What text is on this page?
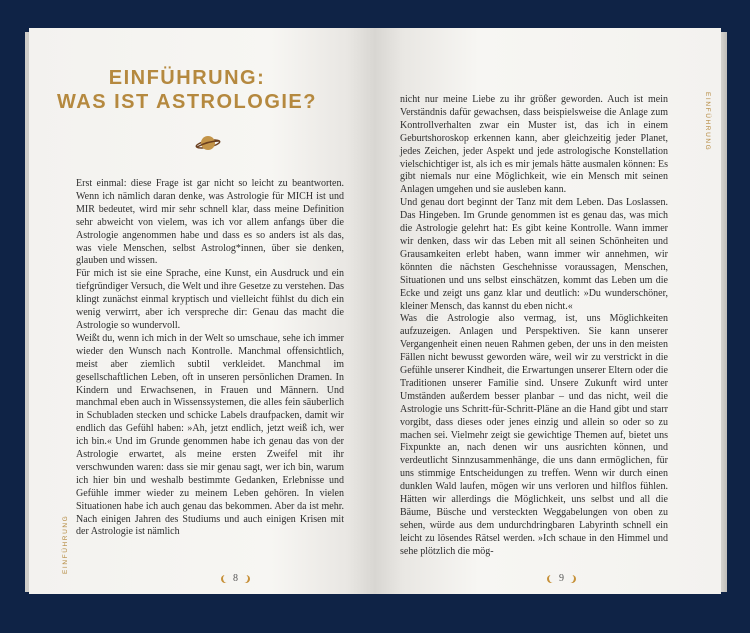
EINFÜHRUNG:
WAS IST ASTROLOGIE?

Erst einmal: diese Frage ist gar nicht so leicht zu beantworten. Wenn ich nämlich daran denke, was Astrologie für MICH ist und MIR bedeutet, wird mir sehr schnell klar, dass meine Definition sehr abweicht von vielem, was ich vor allem anfangs über die Astrologie angenommen habe und dass es so anders ist als das, was viele Menschen, selbst Astrolog*innen, über sie denken, glauben und wissen.

Für mich ist sie eine Sprache, eine Kunst, ein Ausdruck und ein tiefgründiger Versuch, die Welt und ihre Gesetze zu verstehen. Das klingt zunächst einmal kryptisch und vielleicht fühlst du dich ein wenig verwirrt, aber ich verspreche dir: Genau das macht die Astrologie so wundervoll.

Weißt du, wenn ich mich in der Welt so umschaue, sehe ich immer wieder den Wunsch nach Kontrolle. Manchmal offensichtlich, meist aber ziemlich subtil verkleidet. Manchmal im gesellschaftlichen Leben, oft in unseren persönlichen Dramen. In Kindern und Erwachsenen, in Frauen und Männern. Und manchmal eben auch in Wissenssystemen, die alles fein säuberlich in Schubladen stecken und schicke Labels draufpacken, damit wir endlich das Gefühl haben: »Ah, jetzt endlich, jetzt weiß ich, wer ich bin.« Und im Grunde genommen habe ich genau das von der Astrologie erwartet, als meine ersten Zweifel mit ihr verschwunden waren: dass sie mir genau sagt, wer ich bin, warum ich hier bin und weshalb bestimmte Gedanken, Erlebnisse und Gefühle immer wieder zu meinem Leben gehören. In vielen Situationen habe ich auch genau das bekommen. Aber da ist mehr. Nach einigen Jahren des Studiums und auch einigen Krisen mit der Astrologie ist nämlich

EINFÜHRUNG
8

nicht nur meine Liebe zu ihr größer geworden. Auch ist mein Verständnis dafür gewachsen, dass beispielsweise die Anlage zum Kontrollverhalten zwar ein Muster ist, das ich in einem Geburtshoroskop erkennen kann, aber gleichzeitig jeder Planet, jedes Zeichen, jeder Aspekt und jede astrologische Konstellation vielschichtiger ist, als ich es mir jemals hätte ausmalen können: Es gibt niemals nur eine Möglichkeit, wie ein Mensch mit seinen Anlagen umgehen und sie ausleben kann.

Und genau dort beginnt der Tanz mit dem Leben. Das Loslassen. Das Hingeben. Im Grunde genommen ist es genau das, was mich die Astrologie gelehrt hat: Es gibt keine Kontrolle. Wann immer wir denken, dass wir das Leben mit all seinen Schönheiten und Grausamkeiten erlebt haben, wann immer wir annehmen, wir könnten die nächsten Geschehnisse voraussagen, Menschen, Situationen und uns selbst einschätzen, kommt das Leben um die Ecke und zeigt uns ganz klar und deutlich: »Du wunderschöner, kleiner Mensch, das kannst du eben nicht.«

Was die Astrologie also vermag, ist, uns Möglichkeiten aufzuzeigen. Anlagen und Perspektiven. Sie kann unserer Vergangenheit einen neuen Rahmen geben, der uns in den meisten Fällen nicht bewusst geworden wäre, weil wir zu verstrickt in die Gefühle unserer Kindheit, die Erwartungen unserer Eltern oder die Traditionen unserer Familie sind. Unsere Zukunft wird unter Umständen außerdem besser planbar – und das nicht, weil die Astrologie uns Schritt-für-Schritt-Pläne an die Hand gibt und starr vorgibt, dass dieses oder jenes einzig und allein so oder so zu machen sei. Vielmehr zeigt sie gewichtige Themen auf, bietet uns Fixpunkte an, nach denen wir uns ausrichten können, und verdeutlicht Sinnzusammenhänge, die uns dann ermöglichen, für uns stimmige Entscheidungen zu treffen. Wenn wir durch einen dunklen Wald laufen, mögen wir uns verloren und hilflos fühlen. Hätten wir allerdings die Möglichkeit, uns selbst und all die Bäume, Büsche und versteckten Weggabelungen von oben zu sehen, würde aus dem undurchdringbaren Labyrinth schnell ein leicht zu lösendes Rätsel werden. »Ich schaue in den Himmel und sehe plötzlich die mög-

EINFÜHRUNG
9
